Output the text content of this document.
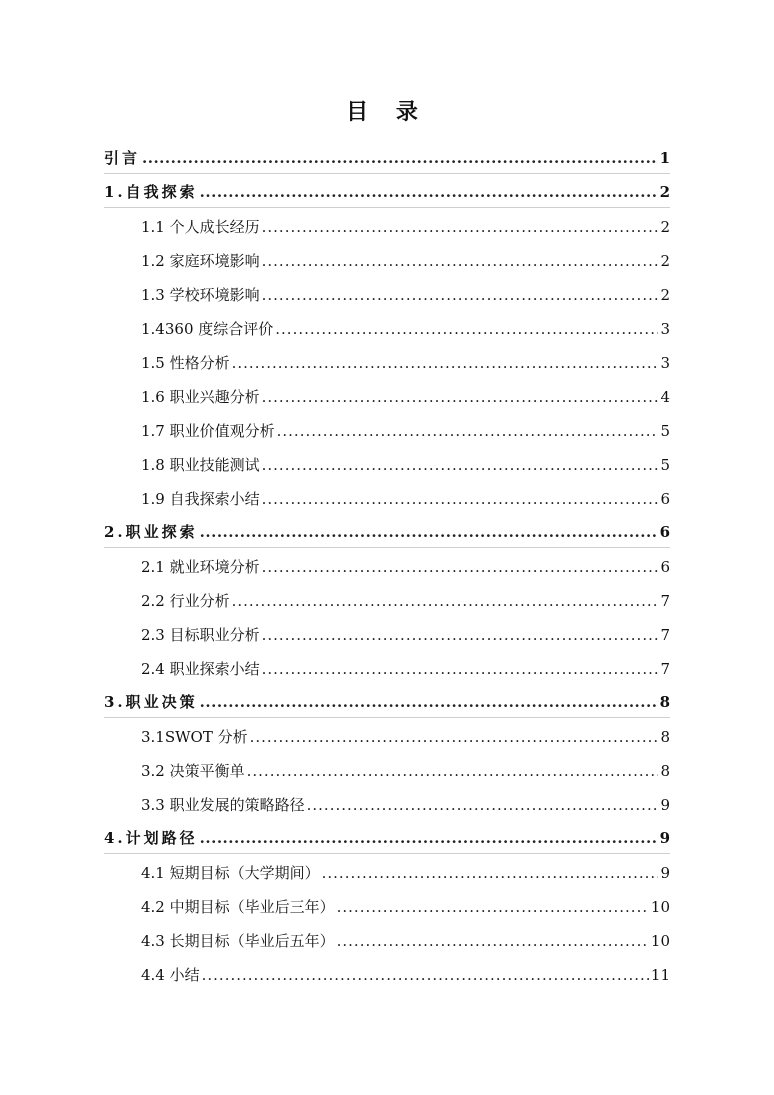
目 录
引言 .....	1
1.自我探索 .....	2
1.1 个人成长经历 .....	2
1.2 家庭环境影响 .....	2
1.3 学校环境影响 .....	2
1.4360 度综合评价 .....	3
1.5 性格分析 .....	3
1.6 职业兴趣分析 .....	4
1.7 职业价值观分析 .....	5
1.8 职业技能测试 .....	5
1.9 自我探索小结 .....	6
2.职业探索 .....	6
2.1 就业环境分析 .....	6
2.2 行业分析 .....	7
2.3 目标职业分析 .....	7
2.4 职业探索小结 .....	7
3.职业决策 .....	8
3.1SWOT 分析 .....	8
3.2 决策平衡单 .....	8
3.3 职业发展的策略路径 .....	9
4.计划路径 .....	9
4.1 短期目标（大学期间） .....	9
4.2 中期目标（毕业后三年） .....	10
4.3 长期目标（毕业后五年） .....	10
4.4 小结 .....	11
